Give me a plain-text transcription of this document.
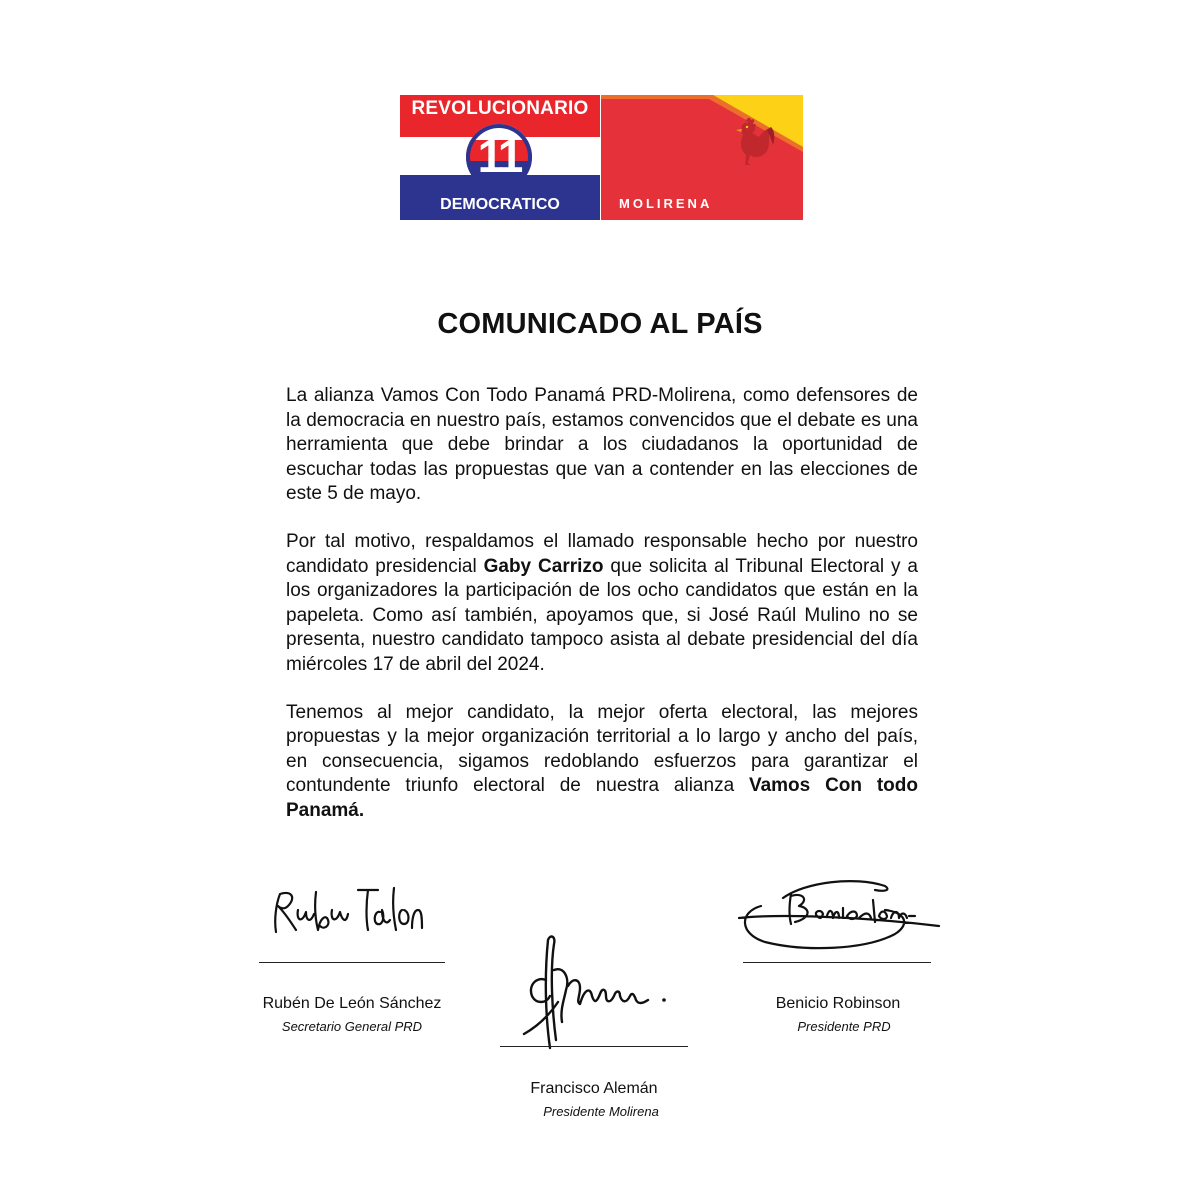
REVOLUCIONARIO
11
DEMOCRATICO	MOLIRENA
COMUNICADO AL PAÍS

La alianza Vamos Con Todo Panamá PRD-Molirena, como defensores de la democracia en nuestro país, estamos convencidos que el debate es una herramienta que debe brindar a los ciudadanos la oportunidad de escuchar todas las propuestas que van a contender en las elecciones de este 5 de mayo.

Por tal motivo, respaldamos el llamado responsable hecho por nuestro candidato presidencial Gaby Carrizo que solicita al Tribunal Electoral y a los organizadores la participación de los ocho candidatos que están en la papeleta. Como así también, apoyamos que, si José Raúl Mulino no se presenta, nuestro candidato tampoco asista al debate presidencial del día miércoles 17 de abril del 2024.

Tenemos al mejor candidato, la mejor oferta electoral, las mejores propuestas y la mejor organización territorial a lo largo y ancho del país, en consecuencia, sigamos redoblando esfuerzos para garantizar el contundente triunfo electoral de nuestra alianza Vamos Con todo Panamá.

Rubén De León Sánchez
Secretario General PRD
Francisco Alemán
Presidente Molirena
Benicio Robinson
Presidente PRD
